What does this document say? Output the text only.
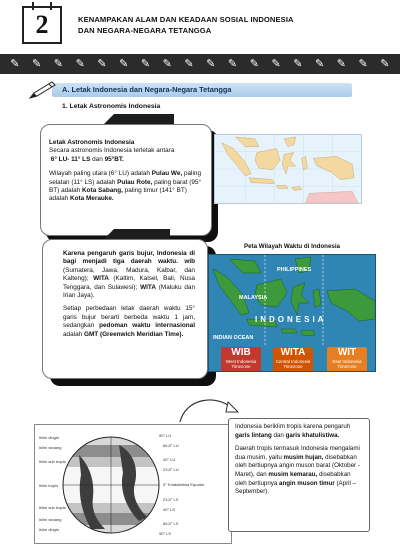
2	KENAMPAKAN ALAM DAN KEADAAN SOSIAL INDONESIA
DAN NEGARA-NEGARA TETANGGA
✎ ✎ ✎ ✎ ✎ ✎ ✎ ✎ ✎ ✎ ✎ ✎ ✎ ✎ ✎ ✎ ✎ ✎
A. Letak Indonesia dan Negara-Negara Tetangga
1. Letak Astronomis Indonesia

Letak Astronomis Indonesia
Secara astronomis Indonesia terletak antara
6° LU- 11° LS dan 95°BT.

Wilayah paling utara (6° LU) adalah Pulau We, paling selatan (11° LS) adalah Pulau Rote, paling barat (95° BT) adalah Kota Sabang, paling timur (141° BT) adalah Kota Merauke.

Karena pengaruh garis bujur, Indonesia di bagi menjadi tiga daerah waktu. wib (Sumatera, Jawa, Madura, Kalbar, dan Kalteng); WITA (Kaltim, Kalsel, Bali, Nusa Tenggara, dan Sulawesi); WITA (Maluku dan Irian Jaya).

Setiap perbedaan letak daerah waktu 15° garis bujur berarti berbeda waktu 1 jam, sedangkan pedoman waktu internasional adalah GMT (Greenwich Meridian Time).

Peta Wilayah Waktu di Indonesia
PHILIPPINES
MALAYSIA
INDONESIA
INDIAN OCEAN
WIB
West Indonesia Timezone
WITA
Central Indonesia Timezone
WIT
East Indonesia Timezone
Iklim dingin
Iklim sedang
Iklim sub tropis
Iklim tropis
Iklim sub tropis
Iklim sedang
Iklim dingin
90° LU
66,5° LU
40° LU
23,5° LU
0° Khatulistiwa Equator
23,5° LS
40° LS
66,5° LS
90° LS

Indonesia beriklim tropis karena pengaruh garis lintang dan garis khatulistiwa.

Daerah tropis termasuk Indonesia mengalami dua musim, yaitu musim hujan, disebabkan oleh bertiupnya angin muson barat (Oktober - Maret), dan musim kemarau, disebabkan oleh bertiupnya angin muson timur (April – September).
